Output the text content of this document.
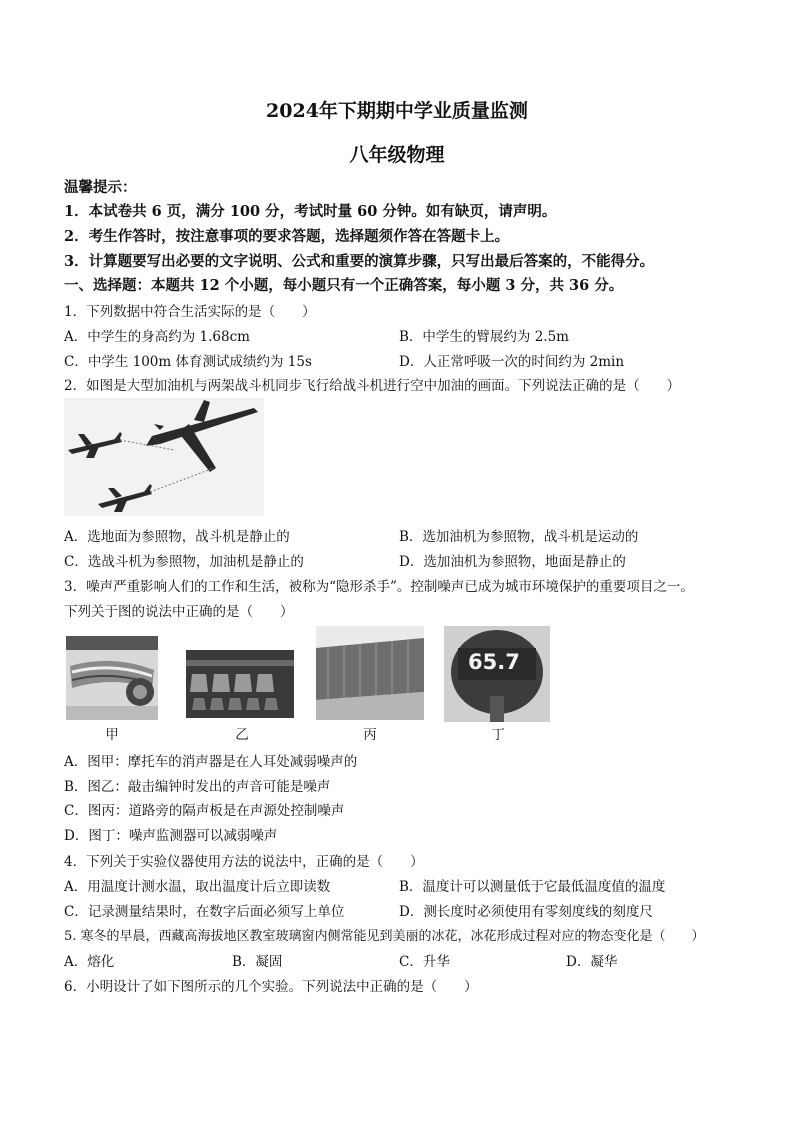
2024年下期期中学业质量监测
八年级物理
温馨提示：
1．本试卷共 6 页，满分 100 分，考试时量 60 分钟。如有缺页，请声明。
2．考生作答时，按注意事项的要求答题，选择题须作答在答题卡上。
3．计算题要写出必要的文字说明、公式和重要的演算步骤，只写出最后答案的，不能得分。
一、选择题：本题共 12 个小题，每小题只有一个正确答案，每小题 3 分，共 36 分。
1．下列数据中符合生活实际的是（　　）
A．中学生的身高约为 1.68cm	B．中学生的臂展约为 2.5m
C．中学生 100m 体育测试成绩约为 15s	D．人正常呼吸一次的时间约为 2min
2．如图是大型加油机与两架战斗机同步飞行给战斗机进行空中加油的画面。下列说法正确的是（　　）
A．选地面为参照物，战斗机是静止的	B．选加油机为参照物，战斗机是运动的
C．选战斗机为参照物，加油机是静止的	D．选加油机为参照物，地面是静止的
3．噪声严重影响人们的工作和生活，被称为“隐形杀手”。控制噪声已成为城市环境保护的重要项目之一。
下列关于图的说法中正确的是（　　）
65.7
甲	乙	丙	丁
A．图甲：摩托车的消声器是在人耳处减弱噪声的
B．图乙：敲击编钟时发出的声音可能是噪声
C．图丙：道路旁的隔声板是在声源处控制噪声
D．图丁：噪声监测器可以减弱噪声
4．下列关于实验仪器使用方法的说法中，正确的是（　　）
A．用温度计测水温，取出温度计后立即读数	B．温度计可以测量低于它最低温度值的温度
C．记录测量结果时，在数字后面必须写上单位	D．测长度时必须使用有零刻度线的刻度尺
5. 寒冬的早晨，西藏高海拔地区教室玻璃窗内侧常能见到美丽的冰花，冰花形成过程对应的物态变化是（　　）
A．熔化	B．凝固	C．升华	D．凝华
6．小明设计了如下图所示的几个实验。下列说法中正确的是（　　）
